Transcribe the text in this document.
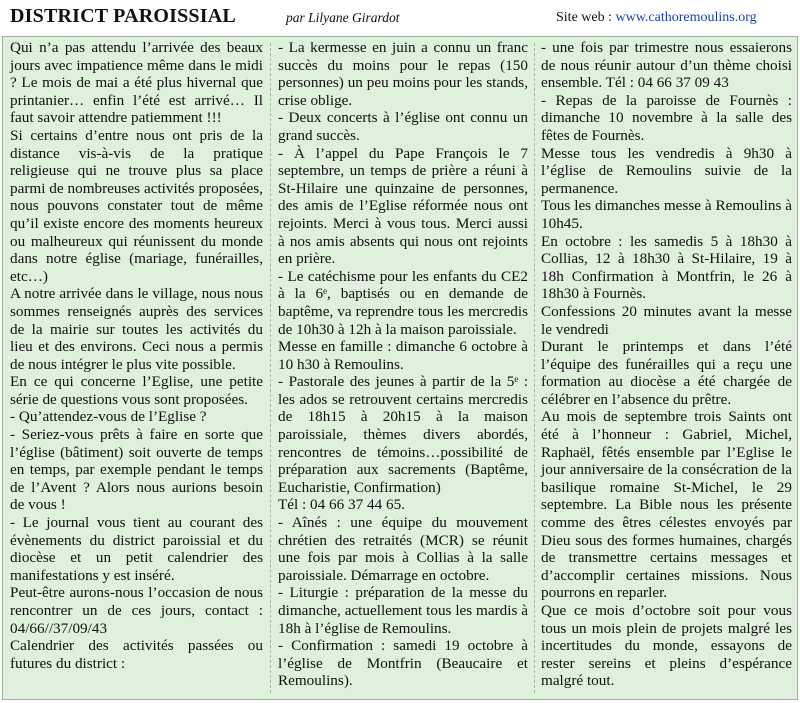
DISTRICT PAROISSIAL	par Lilyane Girardot	Site web : www.cathoremoulins.org

Qui n’a pas attendu l’arrivée des beaux jours avec impatience même dans le midi ? Le mois de mai a été plus hivernal que printanier… enfin l’été est arrivé… Il faut savoir attendre patiemment !!!

Si certains d’entre nous ont pris de la distance vis-à-vis de la pratique religieuse qui ne trouve plus sa place parmi de nombreuses activités proposées, nous pouvons constater tout de même qu’il existe encore des moments heureux ou malheureux qui réunissent du monde dans notre église (mariage, funérailles, etc…)

A notre arrivée dans le village, nous nous sommes renseignés auprès des services de la mairie sur toutes les activités du lieu et des environs. Ceci nous a permis de nous intégrer le plus vite possible.

En ce qui concerne l’Eglise, une petite série de questions vous sont proposées.

- Qu’attendez-vous de l’Eglise ?

- Seriez-vous prêts à faire en sorte que l’église (bâtiment) soit ouverte de temps en temps, par exemple pendant le temps de l’Avent ? Alors nous aurions besoin de vous !

- Le journal vous tient au courant des évènements du district paroissial et du diocèse et un petit calendrier des manifestations y est inséré.

Peut-être aurons-nous l’occasion de nous rencontrer un de ces jours, contact : 04/66//37/09/43

Calendrier des activités passées ou futures du district :

- La kermesse en juin a connu un franc succès du moins pour le repas (150 personnes) un peu moins pour les stands, crise oblige.

- Deux concerts à l’église ont connu un grand succès.

- À l’appel du Pape François le 7 septembre, un temps de prière a réuni à St-Hilaire une quinzaine de personnes, des amis de l’Eglise réformée nous ont rejoints. Merci à vous tous. Merci aussi à nos amis absents qui nous ont rejoints en prière.

- Le catéchisme pour les enfants du CE2 à la 6ᵉ, baptisés ou en demande de baptême, va reprendre tous les mercredis de 10h30 à 12h à la maison paroissiale.

Messe en famille : dimanche 6 octobre à 10 h30 à Remoulins.

- Pastorale des jeunes à partir de la 5ᵉ : les ados se retrouvent certains mercredis de 18h15 à 20h15 à la maison paroissiale, thèmes divers abordés, rencontres de témoins…possibilité de préparation aux sacrements (Baptême, Eucharistie, Confirmation)

Tél : 04 66 37 44 65.

- Aînés : une équipe du mouvement chrétien des retraités (MCR) se réunit une fois par mois à Collias à la salle paroissiale. Démarrage en octobre.

- Liturgie : préparation de la messe du dimanche, actuellement tous les mardis à 18h à l’église de Remoulins.

- Confirmation : samedi 19 octobre à l’église de Montfrin (Beaucaire et Remoulins).

- une fois par trimestre nous essaierons de nous réunir autour d’un thème choisi ensemble. Tél : 04 66 37 09 43

- Repas de la paroisse de Fournès : dimanche 10 novembre à la salle des fêtes de Fournès.

Messe tous les vendredis à 9h30 à l’église de Remoulins suivie de la permanence.

Tous les dimanches messe à Remoulins à 10h45.

En octobre : les samedis 5 à 18h30 à Collias, 12 à 18h30 à St-Hilaire, 19 à 18h Confirmation à Montfrin, le 26 à 18h30 à Fournès.

Confessions 20 minutes avant la messe le vendredi

Durant le printemps et dans l’été l’équipe des funérailles qui a reçu une formation au diocèse a été chargée de célébrer en l’absence du prêtre.

Au mois de septembre trois Saints ont été à l’honneur : Gabriel, Michel, Raphaël, fêtés ensemble par l’Eglise le jour anniversaire de la consécration de la basilique romaine St-Michel, le 29 septembre. La Bible nous les présente comme des êtres célestes envoyés par Dieu sous des formes humaines, chargés de transmettre certains messages et d’accomplir certaines missions. Nous pourrons en reparler.

Que ce mois d’octobre soit pour vous tous un mois plein de projets malgré les incertitudes du monde, essayons de rester sereins et pleins d’espérance malgré tout.
